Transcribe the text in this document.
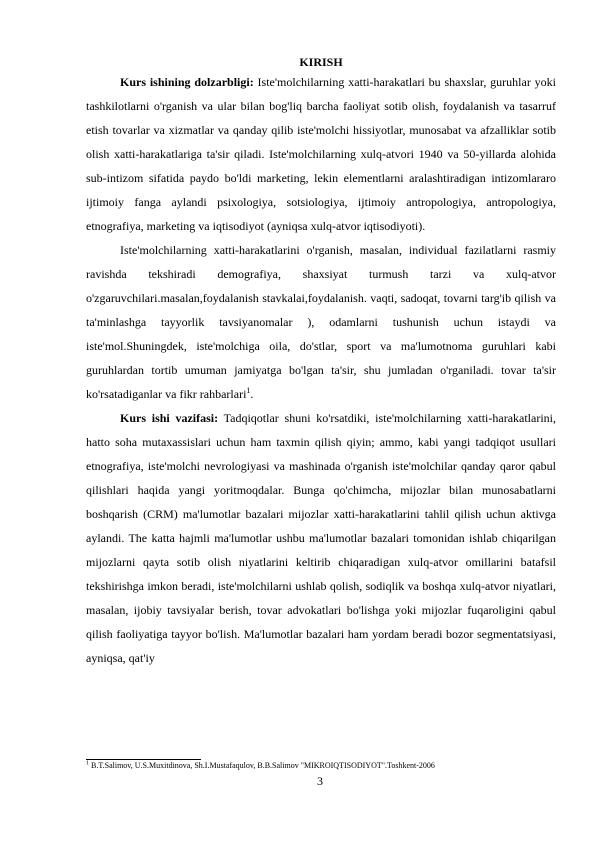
KIRISH

Kurs ishining dolzarbligi: Iste'molchilarning xatti-harakatlari bu shaxslar, guruhlar yoki tashkilotlarni o'rganish va ular bilan bog'liq barcha faoliyat sotib olish, foydalanish va tasarruf etish tovarlar va xizmatlar va qanday qilib iste'molchi hissiyotlar, munosabat va afzalliklar sotib olish xatti-harakatlariga ta'sir qiladi. Iste'molchilarning xulq-atvori 1940 va 50-yillarda alohida sub-intizom sifatida paydo bo'ldi marketing, lekin elementlarni aralashtiradigan intizomlararo ijtimoiy fanga aylandi psixologiya, sotsiologiya, ijtimoiy antropologiya, antropologiya, etnografiya, marketing va iqtisodiyot (ayniqsa xulq-atvor iqtisodiyoti).

Iste'molchilarning xatti-harakatlarini o'rganish, masalan, individual fazilatlarni rasmiy ravishda tekshiradi demografiya, shaxsiyat turmush tarzi va xulq-atvor o'zgaruvchilari.masalan,foydalanish stavkalai,foydalanish. vaqti, sadoqat, tovarni targ'ib qilish va ta'minlashga tayyorlik tavsiyanomalar ), odamlarni tushunish uchun istaydi va iste'mol.Shuningdek, iste'molchiga oila, do'stlar, sport va ma'lumotnoma guruhlari kabi guruhlardan tortib umuman jamiyatga bo'lgan ta'sir, shu jumladan o'rganiladi. tovar ta'sir ko'rsatadiganlar va fikr rahbarlari$^1$.

Kurs ishi vazifasi: Tadqiqotlar shuni ko'rsatdiki, iste'molchilarning xatti-harakatlarini, hatto soha mutaxassislari uchun ham taxmin qilish qiyin; ammo, kabi yangi tadqiqot usullari etnografiya, iste'molchi nevrologiyasi va mashinada o'rganish iste'molchilar qanday qaror qabul qilishlari haqida yangi yoritmoqdalar. Bunga qo'chimcha, mijozlar bilan munosabatlarni boshqarish (CRM) ma'lumotlar bazalari mijozlar xatti-harakatlarini tahlil qilish uchun aktivga aylandi. The katta hajmli ma'lumotlar ushbu ma'lumotlar bazalari tomonidan ishlab chiqarilgan mijozlarni qayta sotib olish niyatlarini keltirib chiqaradigan xulq-atvor omillarini batafsil tekshirishga imkon beradi, iste'molchilarni ushlab qolish, sodiqlik va boshqa xulq-atvor niyatlari, masalan, ijobiy tavsiyalar berish, tovar advokatlari bo'lishga yoki mijozlar fuqaroligini qabul qilish faoliyatiga tayyor bo'lish. Ma'lumotlar bazalari ham yordam beradi bozor segmentatsiyasi, ayniqsa, qat'iy

$^1$ B.T.Salimov, U.S.Muxitdinova, Sh.I.Mustafaqulov, B.B.Salimov "MIKROIQTISODIYOT".Toshkent-2006
3
